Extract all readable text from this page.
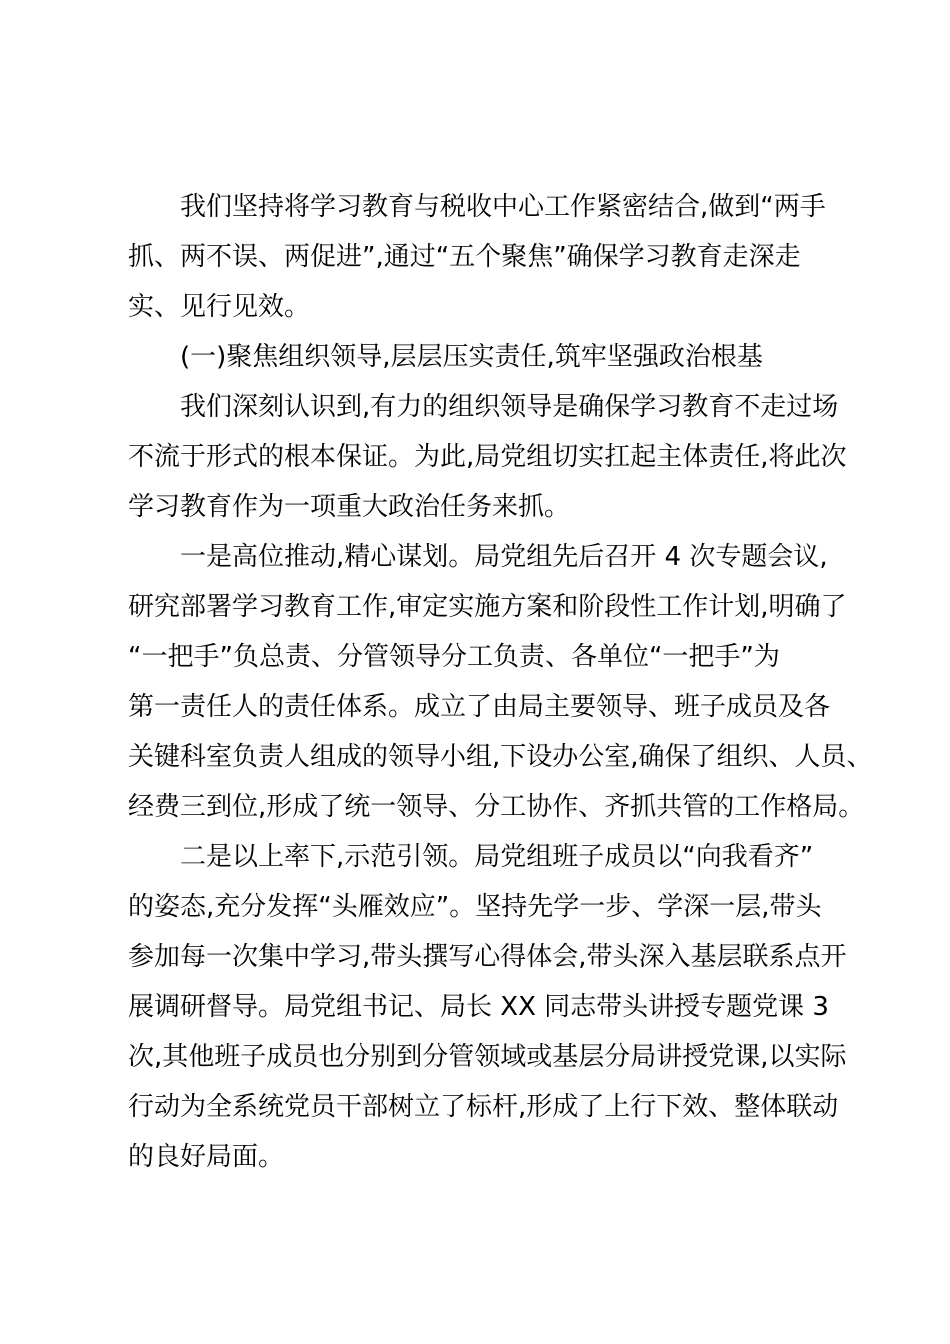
我们坚持将学习教育与税收中心工作紧密结合,做到“两手
抓、两不误、两促进”,通过“五个聚焦”确保学习教育走深走
实、见行见效。
(一)聚焦组织领导,层层压实责任,筑牢坚强政治根基
我们深刻认识到,有力的组织领导是确保学习教育不走过场
不流于形式的根本保证。为此,局党组切实扛起主体责任,将此次
学习教育作为一项重大政治任务来抓。
一是高位推动,精心谋划。局党组先后召开 4 次专题会议,
研究部署学习教育工作,审定实施方案和阶段性工作计划,明确了
“一把手”负总责、分管领导分工负责、各单位“一把手”为
第一责任人的责任体系。成立了由局主要领导、班子成员及各
关键科室负责人组成的领导小组,下设办公室,确保了组织、人员、
经费三到位,形成了统一领导、分工协作、齐抓共管的工作格局。
二是以上率下,示范引领。局党组班子成员以“向我看齐”
的姿态,充分发挥“头雁效应”。坚持先学一步、学深一层,带头
参加每一次集中学习,带头撰写心得体会,带头深入基层联系点开
展调研督导。局党组书记、局长 XX 同志带头讲授专题党课 3
次,其他班子成员也分别到分管领域或基层分局讲授党课,以实际
行动为全系统党员干部树立了标杆,形成了上行下效、整体联动
的良好局面。
